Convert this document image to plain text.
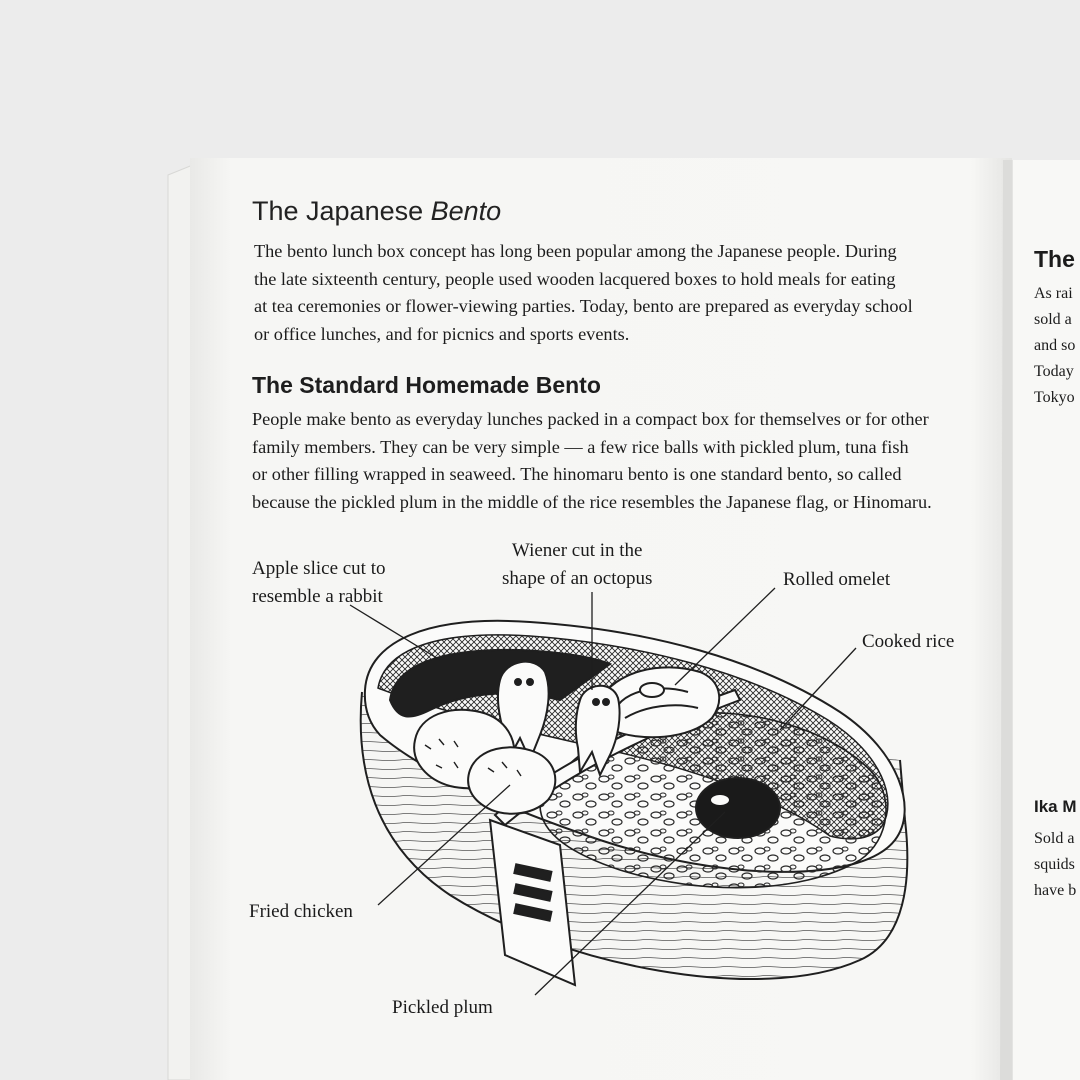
The Japanese Bento
The bento lunch box concept has long been popular among the Japanese people. During
the late sixteenth century, people used wooden lacquered boxes to hold meals for eating
at tea ceremonies or flower-viewing parties. Today, bento are prepared as everyday school
or office lunches, and for picnics and sports events.
The Standard Homemade Bento
People make bento as everyday lunches packed in a compact box for themselves or for other
family members. They can be very simple — a few rice balls with pickled plum, tuna fish
or other filling wrapped in seaweed. The hinomaru bento is one standard bento, so called
because the pickled plum in the middle of the rice resembles the Japanese flag, or Hinomaru.
Apple slice cut to
resemble a rabbit
Wiener cut in the
shape of an octopus	Rolled omelet
Cooked rice
Fried chicken
Pickled plum
The
As rai
sold a
and so
Today
Tokyo
Ika M
Sold a
squids
have b
